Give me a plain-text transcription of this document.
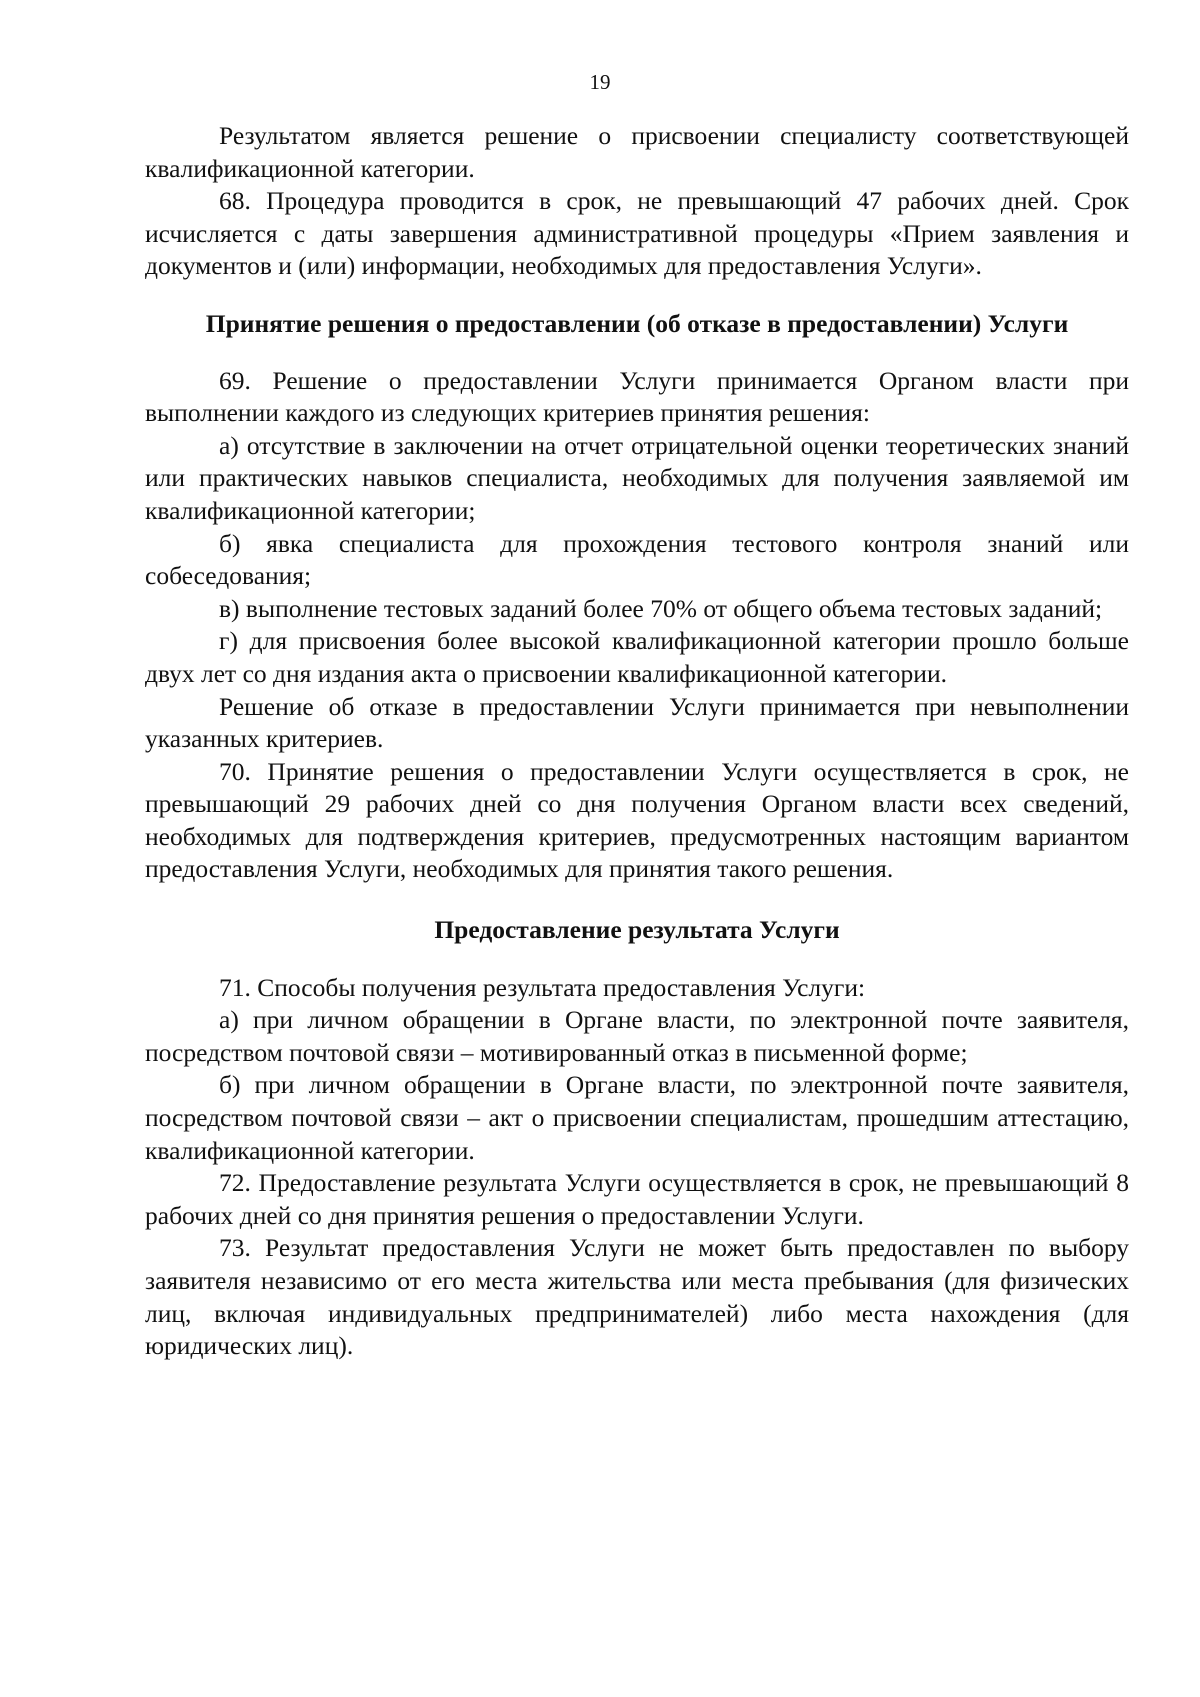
19

Результатом является решение о присвоении специалисту соответствующей квалификационной категории.

68. Процедура проводится в срок, не превышающий 47 рабочих дней. Срок исчисляется с даты завершения административной процедуры «Прием заявления и документов и (или) информации, необходимых для предоставления Услуги».

Принятие решения о предоставлении (об отказе в предоставлении) Услуги

69. Решение о предоставлении Услуги принимается Органом власти при выполнении каждого из следующих критериев принятия решения:

а) отсутствие в заключении на отчет отрицательной оценки теоретических знаний или практических навыков специалиста, необходимых для получения заявляемой им квалификационной категории;

б) явка специалиста для прохождения тестового контроля знаний или собеседования;

в) выполнение тестовых заданий более 70% от общего объема тестовых заданий;

г) для присвоения более высокой квалификационной категории прошло больше двух лет со дня издания акта о присвоении квалификационной категории.

Решение об отказе в предоставлении Услуги принимается при невыполнении указанных критериев.

70. Принятие решения о предоставлении Услуги осуществляется в срок, не превышающий 29 рабочих дней со дня получения Органом власти всех сведений, необходимых для подтверждения критериев, предусмотренных настоящим вариантом предоставления Услуги, необходимых для принятия такого решения.

Предоставление результата Услуги

71. Способы получения результата предоставления Услуги:

а) при личном обращении в Органе власти, по электронной почте заявителя, посредством почтовой связи – мотивированный отказ в письменной форме;

б) при личном обращении в Органе власти, по электронной почте заявителя, посредством почтовой связи – акт о присвоении специалистам, прошедшим аттестацию, квалификационной категории.

72. Предоставление результата Услуги осуществляется в срок, не превышающий 8 рабочих дней со дня принятия решения о предоставлении Услуги.

73. Результат предоставления Услуги не может быть предоставлен по выбору заявителя независимо от его места жительства или места пребывания (для физических лиц, включая индивидуальных предпринимателей) либо места нахождения (для юридических лиц).
